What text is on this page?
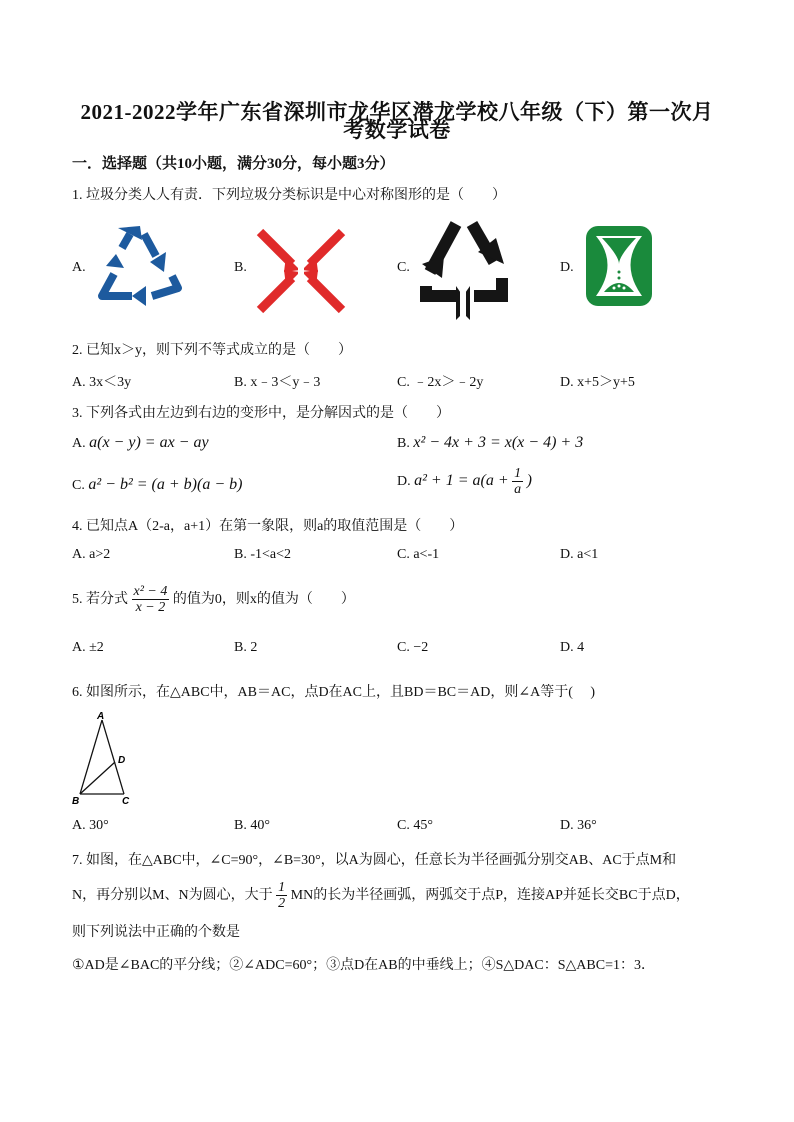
2021-2022学年广东省深圳市龙华区潜龙学校八年级（下）第一次月
考数学试卷
一．选择题（共10小题，满分30分，每小题3分）
1. 垃圾分类人人有责．下列垃圾分类标识是中心对称图形的是（　　）
A.	B.	C.	D.
2. 已知x＞y，则下列不等式成立的是（　　）
A. 3x＜3y	B. x﹣3＜y﹣3	C. ﹣2x＞﹣2y	D. x+5＞y+5
3. 下列各式由左边到右边的变形中，是分解因式的是（　　）
A. a(x − y) = ax − ay	B. x² − 4x + 3 = x(x − 4) + 3
C. a² − b² = (a + b)(a − b)	D. $a^2 + 1 = a(a + \frac{1}{a}$ )
4. 已知点A（2-a，a+1）在第一象限，则a的取值范围是（　　）
A. a>2	B. -1<a<2	C. a<-1	D. a<1
5. 若分式 $\frac{\text{x² − 4}}{x - 2}$ 的值为0，则x的值为（　　）
A. ±2	B. 2	C. −2	D. 4
6. 如图所示，在△ABC中，AB＝AC，点D在AC上，且BD＝BC＝AD，则∠A等于(　 )
A
B	C
D
A. 30°	B. 40°	C. 45°	D. 36°
7. 如图，在△ABC中，∠C=90°，∠B=30°，以A为圆心，任意长为半径画弧分别交AB、AC于点M和
N，再分别以M、N为圆心，大于 $\frac{1}{2}$ MN的长为半径画弧，两弧交于点P，连接AP并延长交BC于点D，
则下列说法中正确的个数是
①AD是∠BAC的平分线；②∠ADC=60°；③点D在AB的中垂线上；④S△DAC：S△ABC=1：3．
